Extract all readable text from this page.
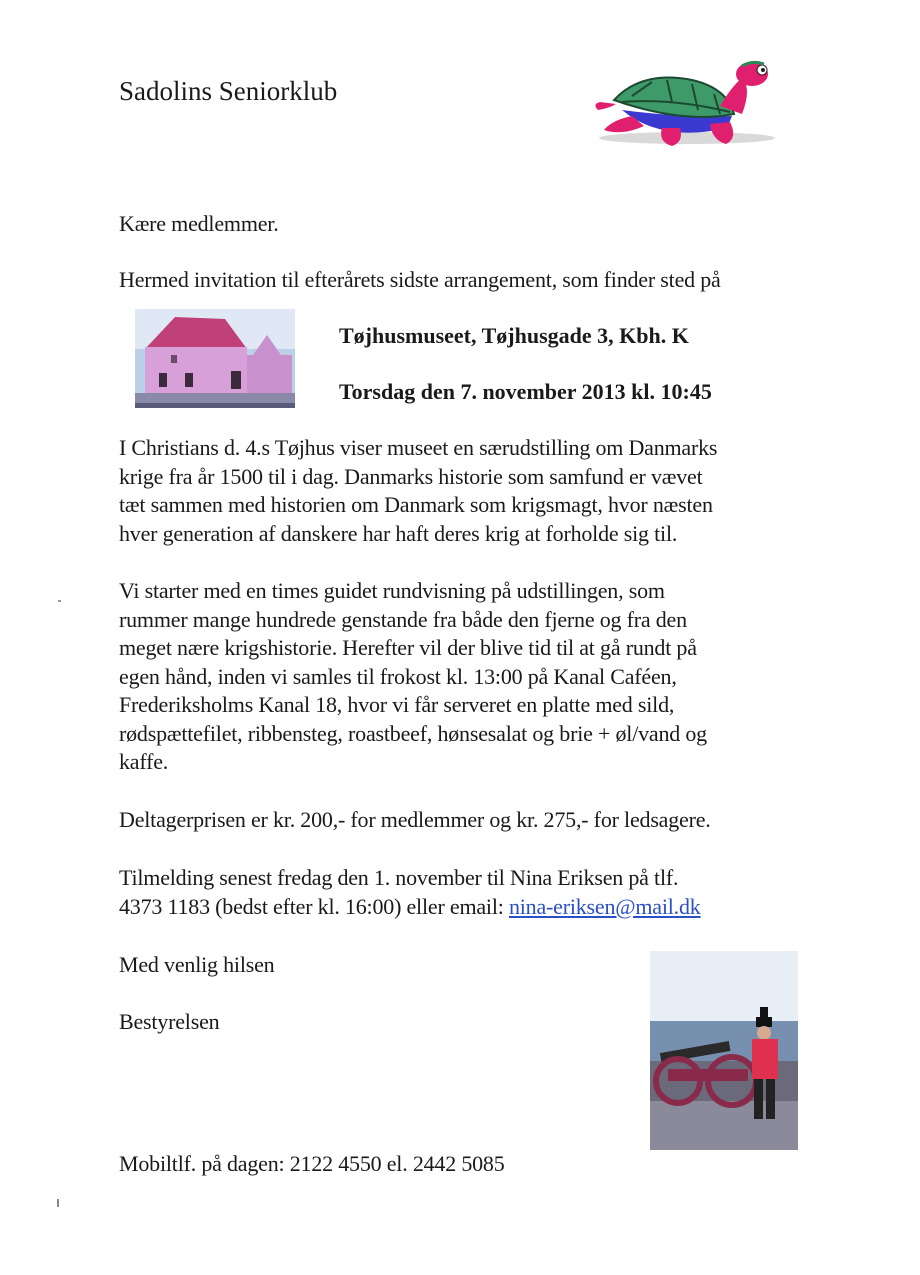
Sadolins Seniorklub
Kære medlemmer.
Hermed invitation til efterårets sidste arrangement, som finder sted på
Tøjhusmuseet, Tøjhusgade 3, Kbh. K
Torsdag den 7. november 2013 kl. 10:45
I Christians d. 4.s Tøjhus viser museet en særudstilling om Danmarks
krige fra år 1500 til i dag. Danmarks historie som samfund er vævet
tæt sammen med historien om Danmark som krigsmagt, hvor næsten
hver generation af danskere har haft deres krig at forholde sig til.
Vi starter med en times guidet rundvisning på udstillingen, som
rummer mange hundrede genstande fra både den fjerne og fra den
meget nære krigshistorie. Herefter vil der blive tid til at gå rundt på
egen hånd, inden vi samles til frokost kl. 13:00 på Kanal Caféen,
Frederiksholms Kanal 18, hvor vi får serveret en platte med sild,
rødspættefilet, ribbensteg, roastbeef, hønsesalat og brie + øl/vand og
kaffe.
Deltagerprisen er kr. 200,- for medlemmer og kr. 275,- for ledsagere.
Tilmelding senest fredag den 1. november til Nina Eriksen på tlf.
4373 1183 (bedst efter kl. 16:00) eller email: nina-eriksen@mail.dk
Med venlig hilsen
Bestyrelsen
Mobiltlf. på dagen: 2122 4550 el. 2442 5085
